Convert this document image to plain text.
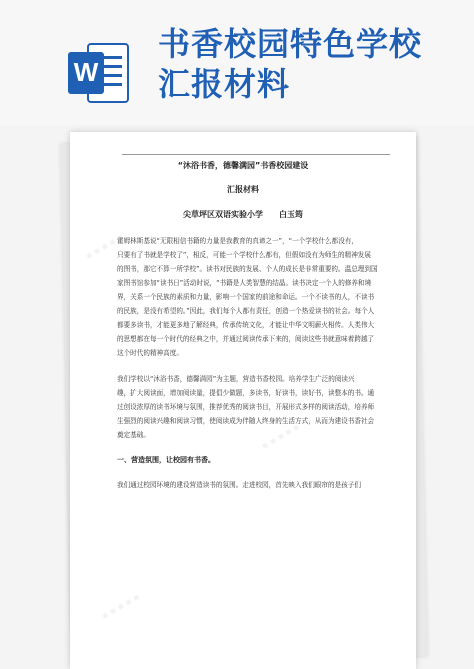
W
书香校园特色学校
汇报材料
▪ ▪ ▪ ▪ ▪
▪ ▪ ▪ ▪ ▪
▪ ▪ ▪ ▪ ▪
“沐浴书香，德馨满园”书香校园建设
汇报材料
尖草坪区双语实验小学　　白玉筠
霍姆林斯基说“无限相信书籍的力量是我教育的真谛之一”，“一个学校什么都没有，
只要有了书就是学校了”，相反，可能一个学校什么都有，但假如没有为师生的精神发展
的图书，那它不算一所学校”。读书对民族的发展、个人的成长是非常重要的。温总理到国
家图书馆参加“读书日”活动时说，“书籍是人类智慧的结晶。读书决定一个人的修养和境
界，关系一个民族的素质和力量，影响一个国家的前途和命运。一个不读书的人，不读书
的民族，是没有希望的。”因此，我们每个人都有责任，创造一个热爱读书的社会。每个人
都要多读书，才能更多地了解经典，传承传统文化，才能让中华文明薪火相传。人类伟大
的思想都在每一个时代的经典之中，并通过阅读传承下来的，阅读这些书就意味着跨越了
这个时代的精神高度。
我们学校以“沐浴书香，德馨满园”为主题，营造书香校园。培养学生广泛的阅读兴
趣，扩大阅读面，增加阅读量，提倡少做题，多读书，好读书，读好书，读整本的书。通
过创设浓厚的读书环境与氛围，推荐优秀的阅读书目，开展形式多样的阅读活动，培养师
生强烈的阅读兴趣和阅读习惯，使阅读成为伴随人终身的生活方式，从而为建设书香社会
奠定基础。
一、营造氛围，让校园有书香。
我们通过校园环境的建设营造读书的氛围。走进校园，首先映入我们眼帘的是孩子们
